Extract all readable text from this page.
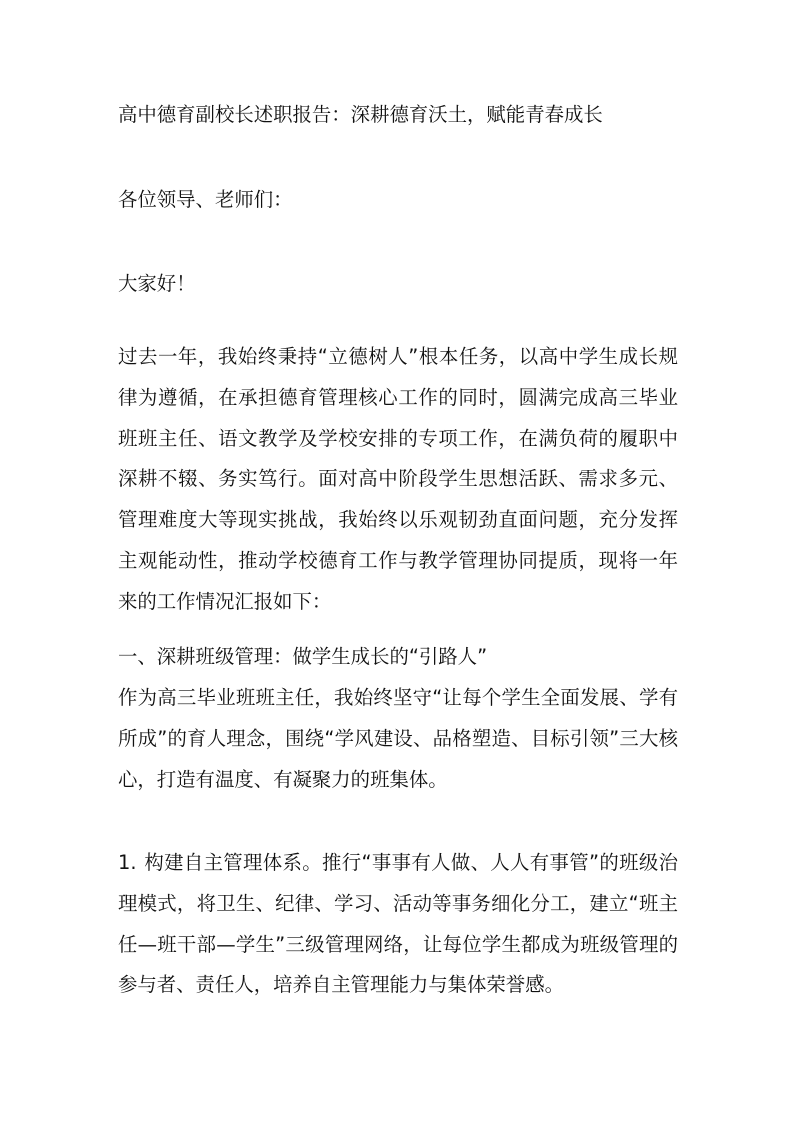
高中德育副校长述职报告：深耕德育沃土，赋能青春成长

各位领导、老师们：

大家好！

过去一年，我始终秉持“立德树人”根本任务，以高中学生成长规律为遵循，在承担德育管理核心工作的同时，圆满完成高三毕业班班主任、语文教学及学校安排的专项工作，在满负荷的履职中深耕不辍、务实笃行。面对高中阶段学生思想活跃、需求多元、管理难度大等现实挑战，我始终以乐观韧劲直面问题，充分发挥主观能动性，推动学校德育工作与教学管理协同提质，现将一年来的工作情况汇报如下：

一、深耕班级管理：做学生成长的“引路人”

作为高三毕业班班主任，我始终坚守“让每个学生全面发展、学有所成”的育人理念，围绕“学风建设、品格塑造、目标引领”三大核心，打造有温度、有凝聚力的班集体。

1. 构建自主管理体系。推行“事事有人做、人人有事管”的班级治理模式，将卫生、纪律、学习、活动等事务细化分工，建立“班主任—班干部—学生”三级管理网络，让每位学生都成为班级管理的参与者、责任人，培养自主管理能力与集体荣誉感。
